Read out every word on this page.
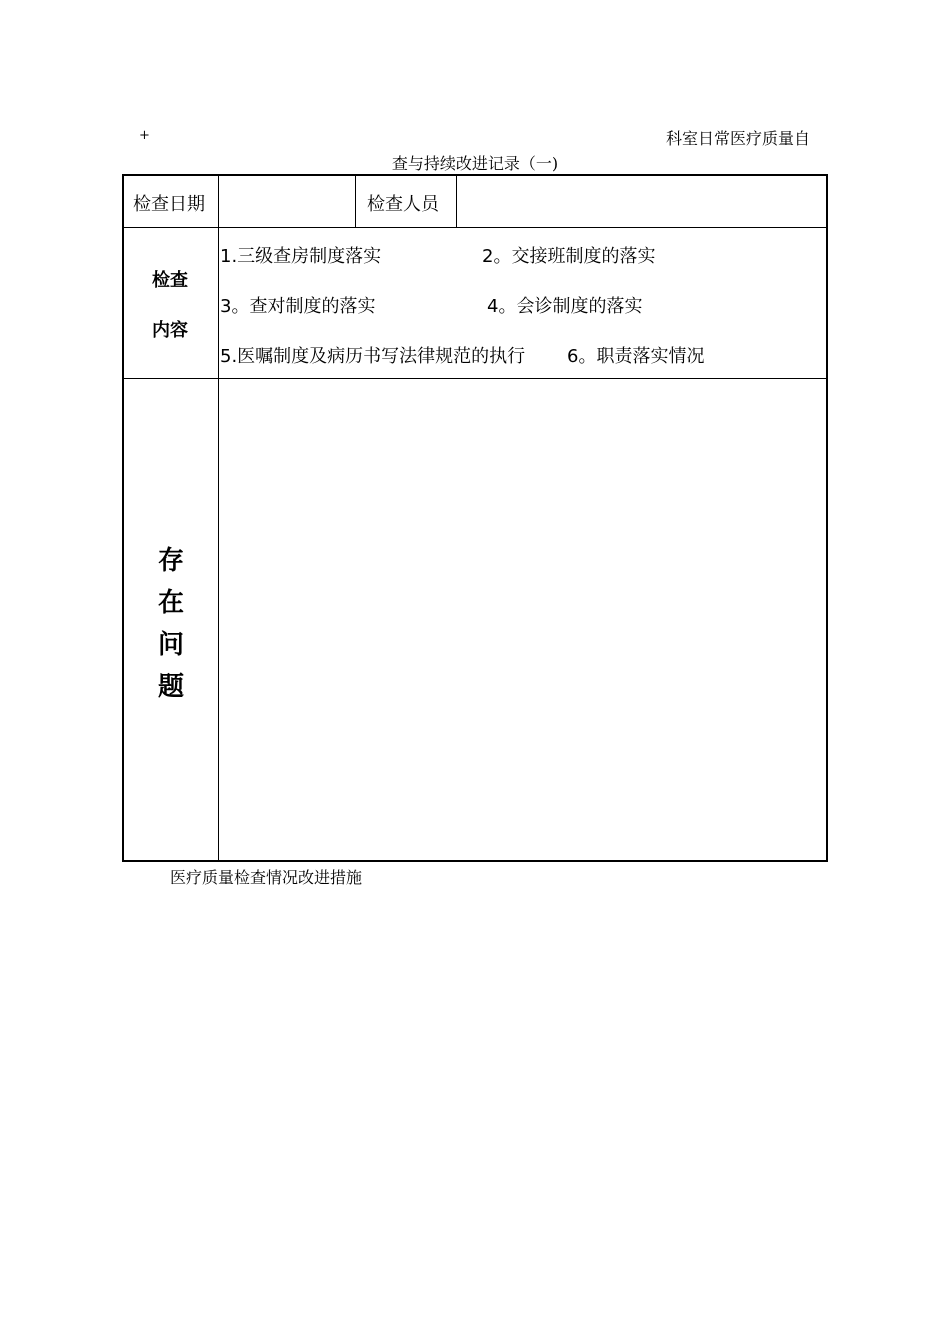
+	科室日常医疗质量自
查与持续改进记录（一)
检查日期	检查人员
检查
内容
1.三级查房制度落实	2。交接班制度的落实
3。查对制度的落实	4。会诊制度的落实
5.医嘱制度及病历书写法律规范的执行 6。职责落实情况
存
在
问
题
医疗质量检查情况改进措施
